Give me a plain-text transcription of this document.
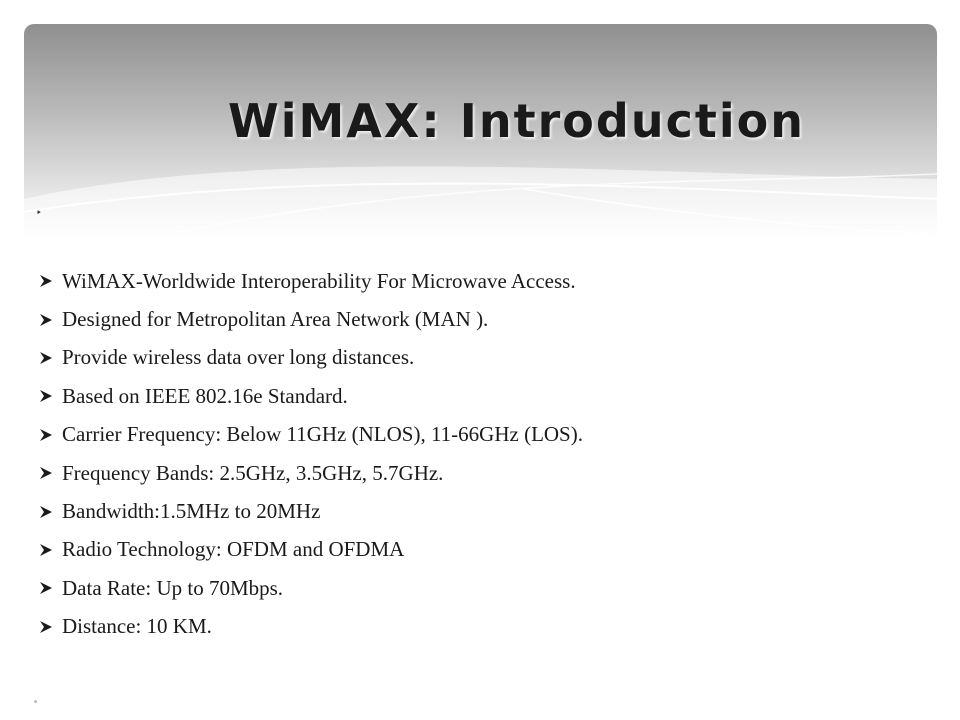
WiMAX: Introduction
‣
WiMAX-Worldwide Interoperability For Microwave Access.
Designed for Metropolitan Area Network (MAN ).
Provide wireless data over long distances.
Based on IEEE 802.16e Standard.
Carrier Frequency: Below 11GHz (NLOS), 11-66GHz (LOS).
Frequency Bands: 2.5GHz, 3.5GHz, 5.7GHz.
Bandwidth:1.5MHz to 20MHz
Radio Technology: OFDM and OFDMA
Data Rate: Up to 70Mbps.
Distance: 10 KM.
